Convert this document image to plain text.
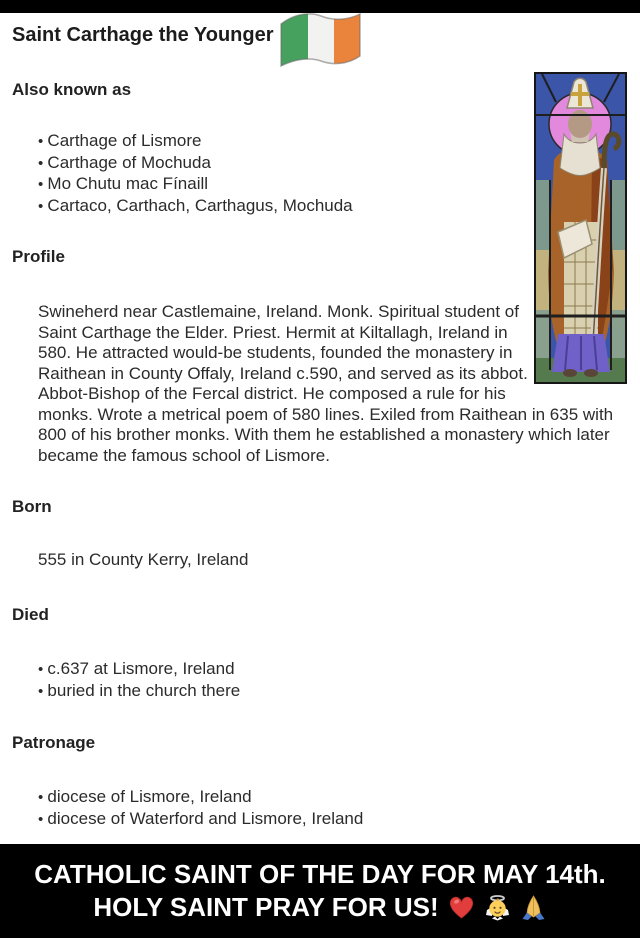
Saint Carthage the Younger
Also known as
• Carthage of Lismore
• Carthage of Mochuda
• Mo Chutu mac Fínaill
• Cartaco, Carthach, Carthagus, Mochuda
Profile

Swineherd near Castlemaine, Ireland. Monk. Spiritual student of Saint Carthage the Elder. Priest. Hermit at Kiltallagh, Ireland in 580. He attracted would-be students, founded the monastery in Raithean in County Offaly, Ireland c.590, and served as its abbot. Abbot-Bishop of the Fercal district. He composed a rule for his monks. Wrote a metrical poem of 580 lines. Exiled from Raithean in 635 with 800 of his brother monks. With them he established a monastery which later became the famous school of Lismore.

Born
555 in County Kerry, Ireland
Died
• c.637 at Lismore, Ireland
• buried in the church there
Patronage
• diocese of Lismore, Ireland
• diocese of Waterford and Lismore, Ireland
CATHOLIC SAINT OF THE DAY FOR MAY 14th.
HOLY SAINT PRAY FOR US!
